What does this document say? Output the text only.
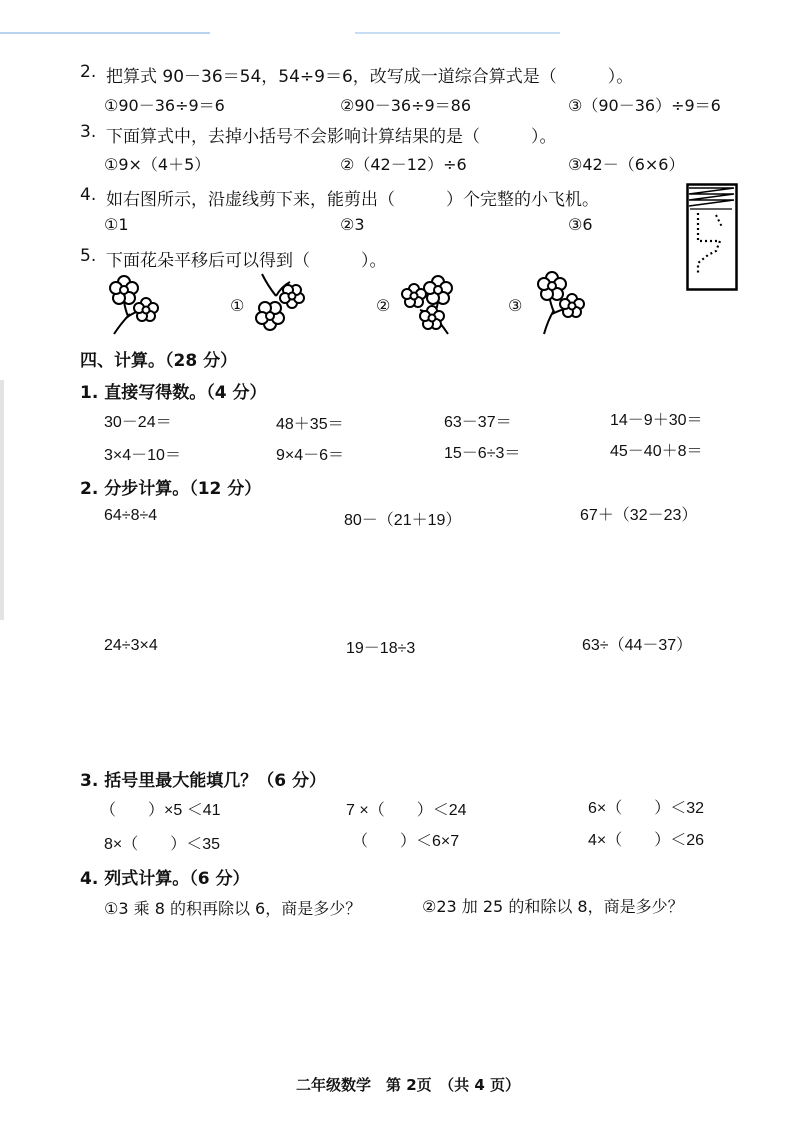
2. 把算式 90－36＝54，54÷9＝6，改写成一道综合算式是（　　　）。
①90－36÷9＝6	②90－36÷9＝86	③（90－36）÷9＝6
3. 下面算式中，去掉小括号不会影响计算结果的是（　　　）。
①9×（4＋5）	②（42－12）÷6	③42－（6×6）
4. 如右图所示，沿虚线剪下来，能剪出（　　　）个完整的小飞机。
①1	②3	③6
5. 下面花朵平移后可以得到（　　　）。
①	②	③
四、计算。（28 分）
1. 直接写得数。（4 分）
30－24＝	48＋35＝	63－37＝	14－9＋30＝
3×4－10＝	9×4－6＝	15－6÷3＝	45－40＋8＝
2. 分步计算。（12 分）
64÷8÷4	80－（21＋19）	67＋（32－23）
24÷3×4	19－18÷3	63÷（44－37）
3. 括号里最大能填几？（6 分）
（　　）×5 ＜41	7 ×（　　）＜24	6×（　　）＜32
8×（　　）＜35	（　　）＜6×7	4×（　　）＜26
4. 列式计算。（6 分）
①3 乘 8 的积再除以 6，商是多少？	②23 加 25 的和除以 8，商是多少？
二年级数学　第 2页　（共 4 页）
